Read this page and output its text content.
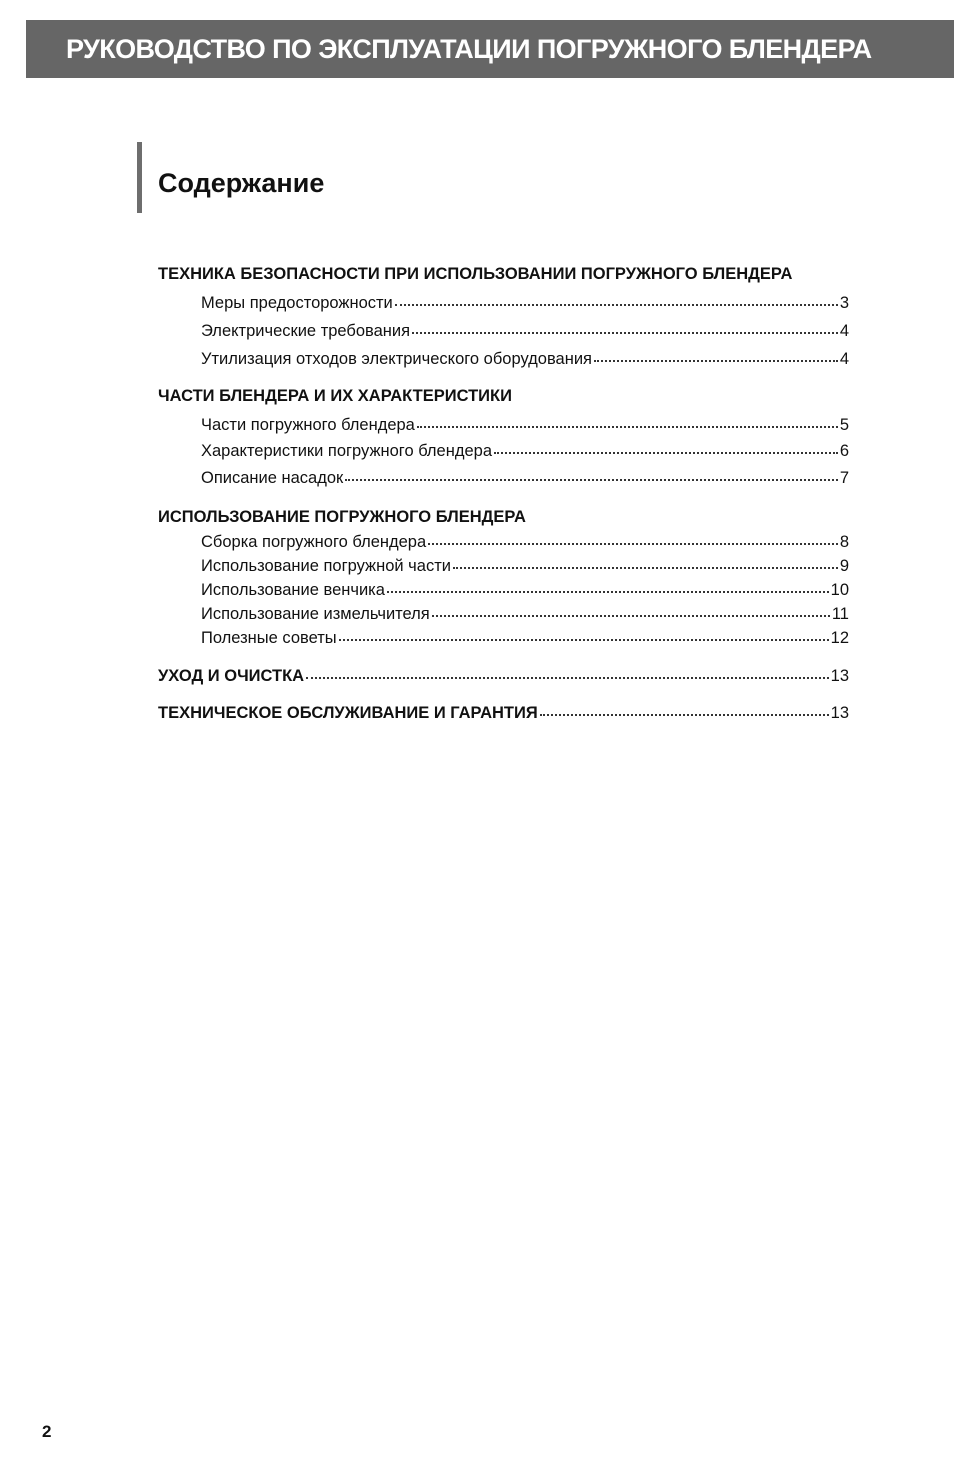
РУКОВОДСТВО ПО ЭКСПЛУАТАЦИИ ПОГРУЖНОГО БЛЕНДЕРА
Содержание
ТЕХНИКА БЕЗОПАСНОСТИ ПРИ ИСПОЛЬЗОВАНИИ ПОГРУЖНОГО БЛЕНДЕРА
Меры предосторожности	3
Электрические требования	4
Утилизация отходов электрического оборудования	4
ЧАСТИ БЛЕНДЕРА И ИХ ХАРАКТЕРИСТИКИ
Части погружного блендера	5
Характеристики погружного блендера	6
Описание насадок	7
ИСПОЛЬЗОВАНИЕ ПОГРУЖНОГО БЛЕНДЕРА
Сборка погружного блендера	8
Использование погружной части	9
Использование венчика	10
Использование измельчителя	11
Полезные советы	12
УХОД И ОЧИСТКА	13
ТЕХНИЧЕСКОЕ ОБСЛУЖИВАНИЕ И ГАРАНТИЯ	13
2
